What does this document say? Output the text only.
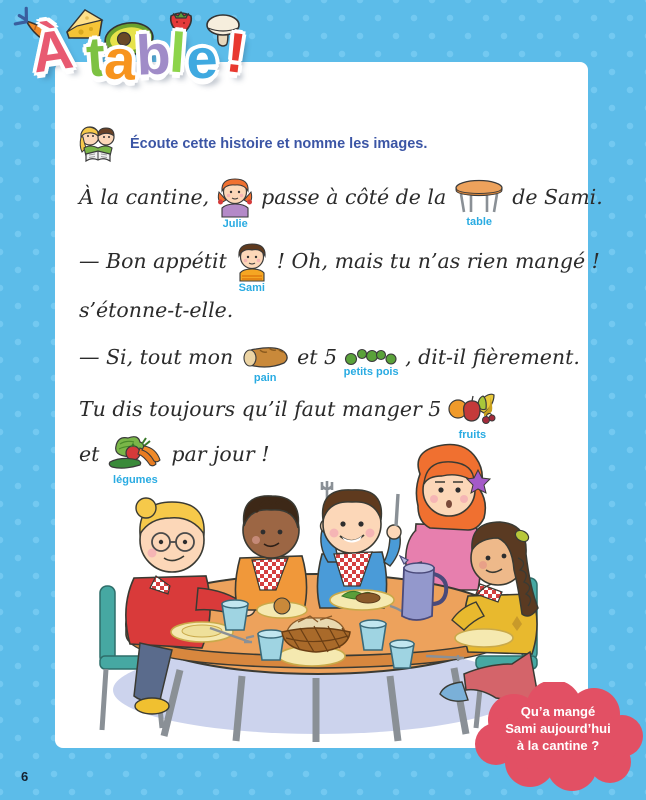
À table!
Écoute cette histoire et nomme les images.
À la cantine,
Julie
passe à côté de la
table
de Sami.
— Bon appétit
Sami
! Oh, mais tu n’as rien mangé !
s’étonne-t-elle.
— Si, tout mon
pain
et 5
petits pois
, dit-il fièrement.
Tu dis toujours qu’il faut manger 5
fruits
et
légumes
par jour !
Qu’a mangé
Sami aujourd’hui
à la cantine ?
6
